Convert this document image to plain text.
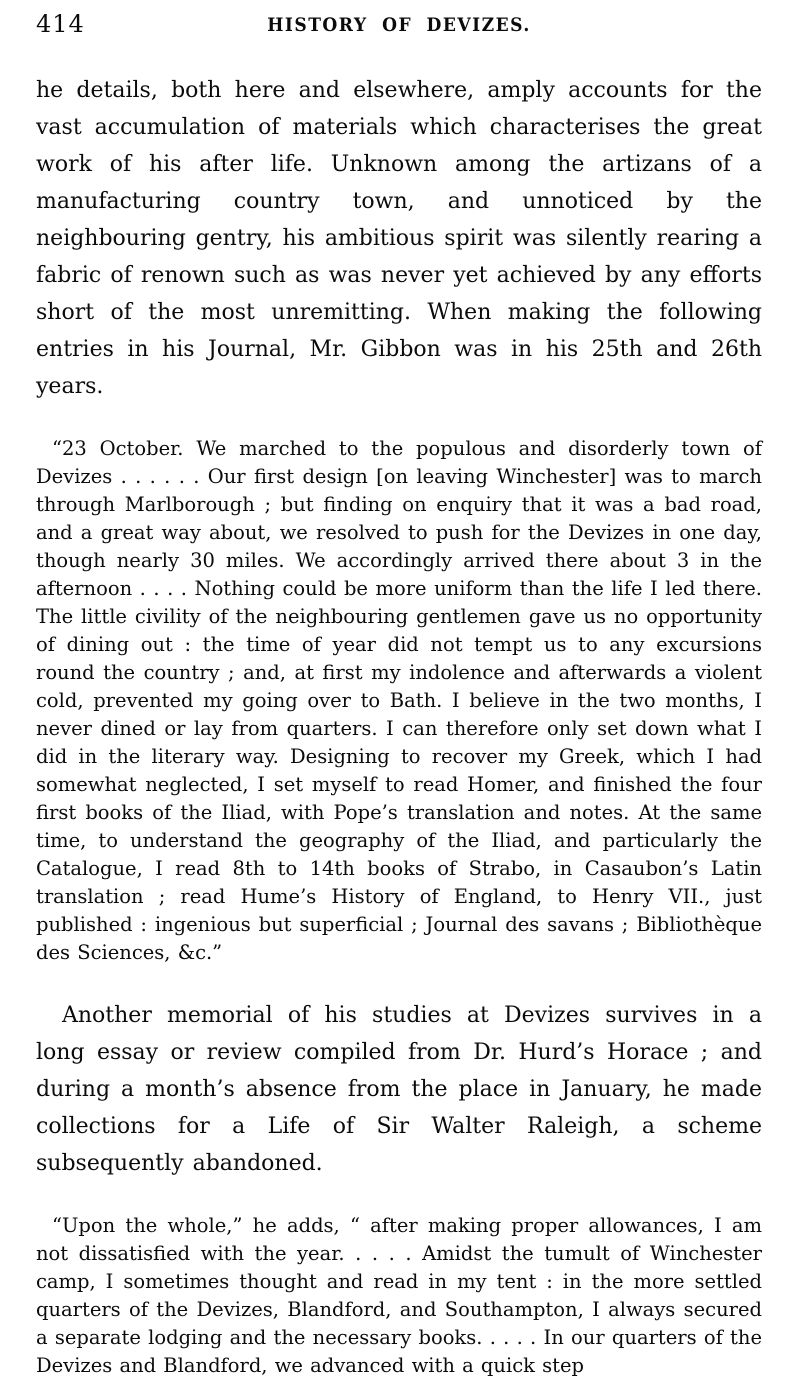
414	HISTORY OF DEVIZES.

he details, both here and elsewhere, amply accounts for the vast accumulation of materials which characterises the great work of his after life. Unknown among the artizans of a manufacturing country town, and unnoticed by the neighbouring gentry, his ambitious spirit was silently rearing a fabric of renown such as was never yet achieved by any efforts short of the most unremitting. When making the following entries in his Journal, Mr. Gibbon was in his 25th and 26th years.

“23 October. We marched to the populous and disorderly town of Devizes . . . . . . Our first design [on leaving Winchester] was to march through Marlborough ; but finding on enquiry that it was a bad road, and a great way about, we resolved to push for the Devizes in one day, though nearly 30 miles. We accordingly arrived there about 3 in the afternoon . . . . Nothing could be more uniform than the life I led there. The little civility of the neighbouring gentlemen gave us no opportunity of dining out : the time of year did not tempt us to any excursions round the country ; and, at first my indolence and afterwards a violent cold, prevented my going over to Bath. I believe in the two months, I never dined or lay from quarters. I can therefore only set down what I did in the literary way. Designing to recover my Greek, which I had somewhat neglected, I set myself to read Homer, and finished the four first books of the Iliad, with Pope’s translation and notes. At the same time, to understand the geography of the Iliad, and particularly the Catalogue, I read 8th to 14th books of Strabo, in Casaubon’s Latin translation ; read Hume’s History of England, to Henry VII., just published : ingenious but superficial ; Journal des savans ; Bibliothèque des Sciences, &c.”

Another memorial of his studies at Devizes survives in a long essay or review compiled from Dr. Hurd’s Horace ; and during a month’s absence from the place in January, he made collections for a Life of Sir Walter Raleigh, a scheme subsequently abandoned.

“Upon the whole,” he adds, “ after making proper allowances, I am not dissatisfied with the year. . . . . Amidst the tumult of Winchester camp, I sometimes thought and read in my tent : in the more settled quarters of the Devizes, Blandford, and Southampton, I always secured a separate lodging and the necessary books. . . . . In our quarters of the Devizes and Blandford, we advanced with a quick step
